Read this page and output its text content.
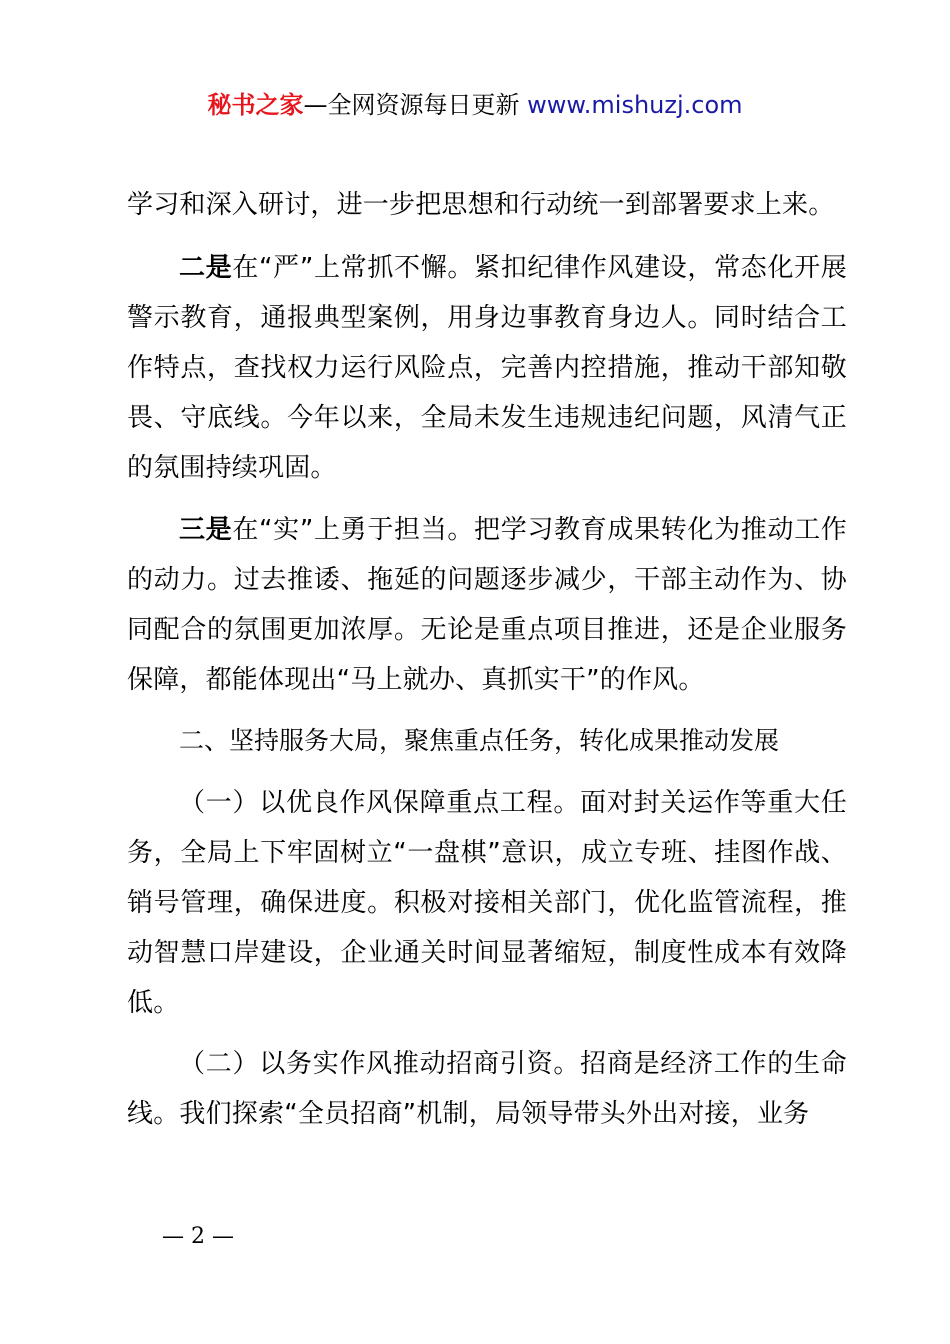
秘书之家—全网资源每日更新 www.mishuzj.com

学习和深入研讨，进一步把思想和行动统一到部署要求上来。

二是在“严”上常抓不懈。紧扣纪律作风建设，常态化开展警示教育，通报典型案例，用身边事教育身边人。同时结合工作特点，查找权力运行风险点，完善内控措施，推动干部知敬畏、守底线。今年以来，全局未发生违规违纪问题，风清气正的氛围持续巩固。

三是在“实”上勇于担当。把学习教育成果转化为推动工作的动力。过去推诿、拖延的问题逐步减少，干部主动作为、协同配合的氛围更加浓厚。无论是重点项目推进，还是企业服务保障，都能体现出“马上就办、真抓实干”的作风。

二、坚持服务大局，聚焦重点任务，转化成果推动发展

（一）以优良作风保障重点工程。面对封关运作等重大任务，全局上下牢固树立“一盘棋”意识，成立专班、挂图作战、销号管理，确保进度。积极对接相关部门，优化监管流程，推动智慧口岸建设，企业通关时间显著缩短，制度性成本有效降低。

（二）以务实作风推动招商引资。招商是经济工作的生命线。我们探索“全员招商”机制，局领导带头外出对接，业务

— 2 —
